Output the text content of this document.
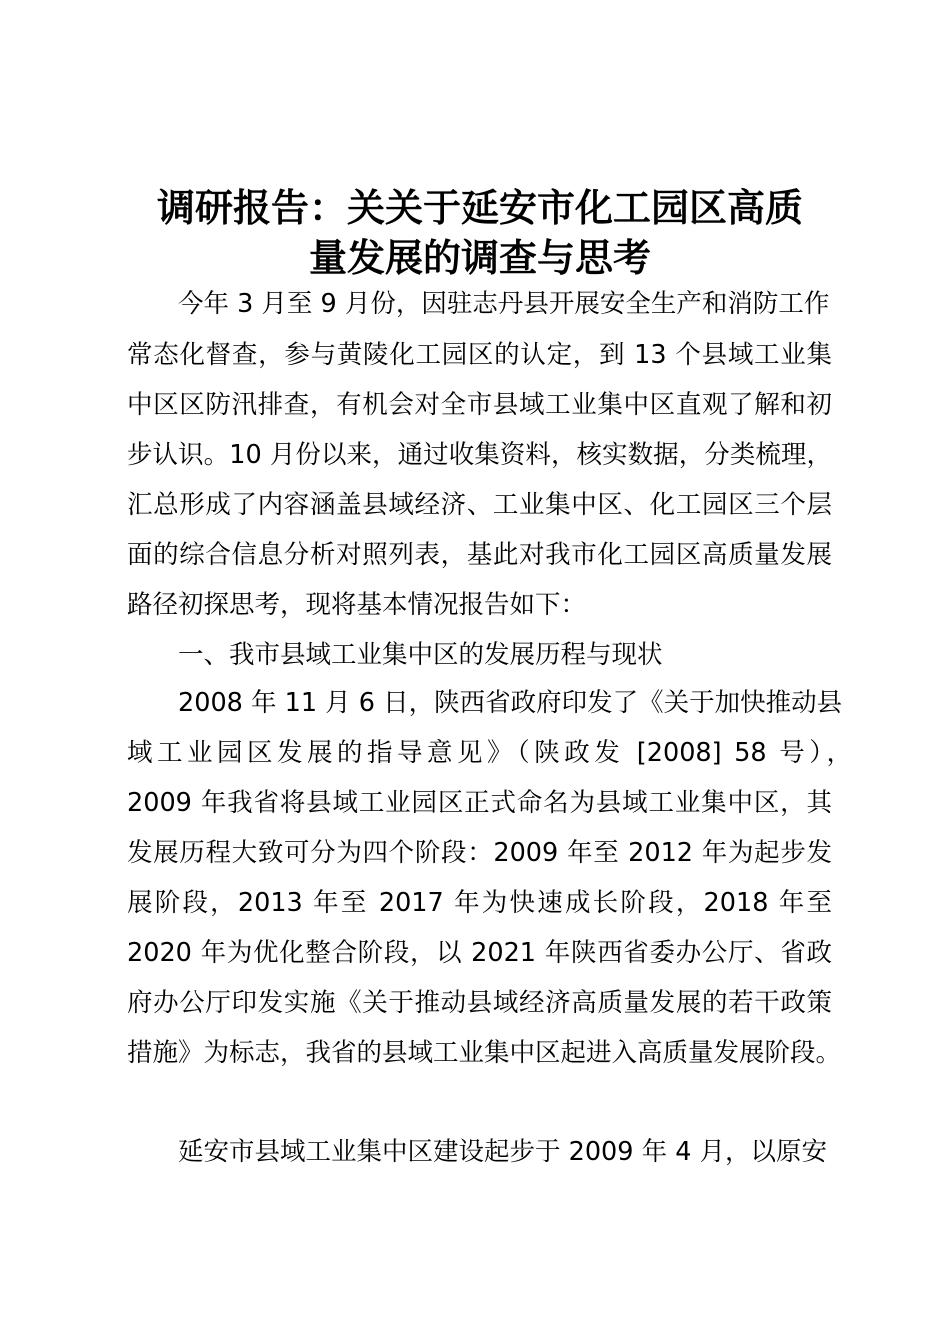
调研报告：关关于延安市化工园区高质
量发展的调查与思考
今年 3 月至 9 月份，因驻志丹县开展安全生产和消防工作
常态化督查，参与黄陵化工园区的认定，到 13 个县域工业集
中区区防汛排查，有机会对全市县域工业集中区直观了解和初
步认识。10 月份以来，通过收集资料，核实数据，分类梳理，
汇总形成了内容涵盖县域经济、工业集中区、化工园区三个层
面的综合信息分析对照列表，基此对我市化工园区高质量发展
路径初探思考，现将基本情况报告如下：
一、我市县域工业集中区的发展历程与现状
2008 年 11 月 6 日，陕西省政府印发了《关于加快推动县
域工业园区发展的指导意见》（陕政发 [2008] 58 号），
2009 年我省将县域工业园区正式命名为县域工业集中区，其
发展历程大致可分为四个阶段：2009 年至 2012 年为起步发
展阶段，2013 年至 2017 年为快速成长阶段，2018 年至
2020 年为优化整合阶段，以 2021 年陕西省委办公厅、省政
府办公厅印发实施《关于推动县域经济高质量发展的若干政策
措施》为标志，我省的县域工业集中区起进入高质量发展阶段。
延安市县域工业集中区建设起步于 2009 年 4 月，以原安
